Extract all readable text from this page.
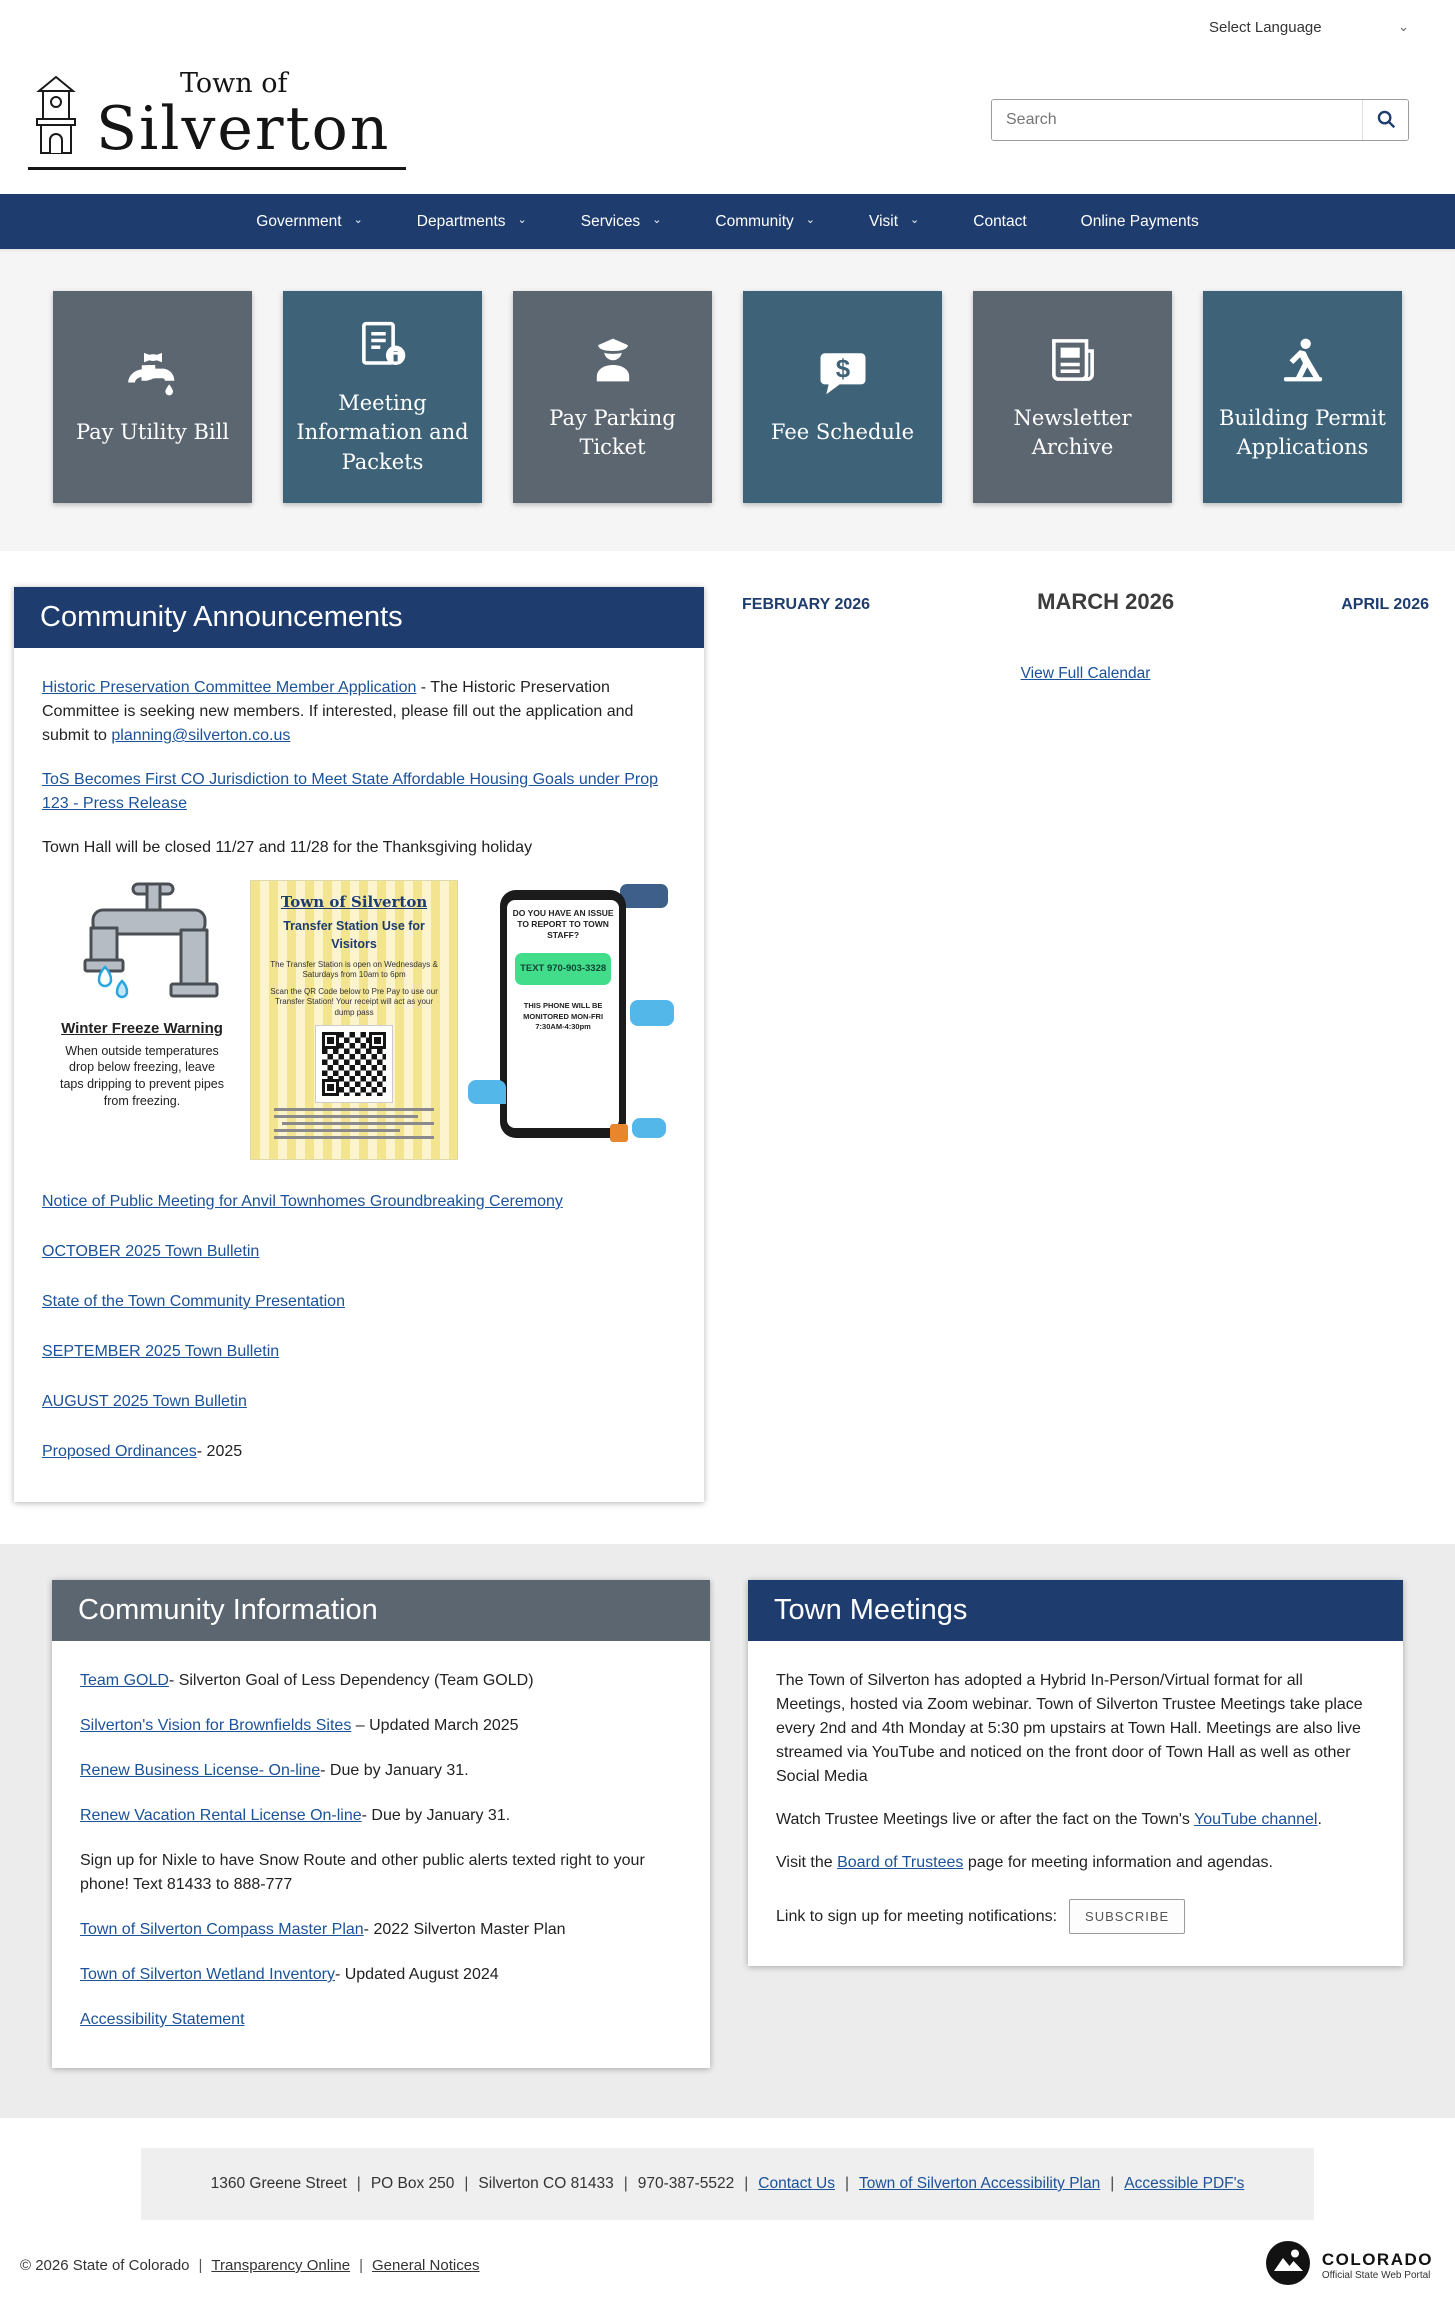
Select Language
⌄
Town of
Silverton
Search
Government ⌄	Departments ⌄	Services ⌄	Community ⌄	Visit ⌄	Contact	Online Payments
Pay Utility Bill
Meeting Information and Packets
Pay Parking Ticket
$
Fee Schedule
Newsletter Archive
Building Permit Applications
Community Announcements

Historic Preservation Committee Member Application - The Historic Preservation Committee is seeking new members. If interested, please fill out the application and submit to planning@silverton.co.us

ToS Becomes First CO Jurisdiction to Meet State Affordable Housing Goals under Prop 123 - Press Release

Town Hall will be closed 11/27 and 11/28 for the Thanksgiving holiday

Winter Freeze Warning
When outside temperatures drop below freezing, leave taps dripping to prevent pipes from freezing.
Town of Silverton
Transfer Station Use for Visitors
The Transfer Station is open on Wednesdays & Saturdays from 10am to 6pm
Scan the QR Code below to Pre Pay to use our Transfer Station! Your receipt will act as your dump pass
DO YOU HAVE AN ISSUE TO REPORT TO TOWN STAFF?
TEXT 970-903-3328
THIS PHONE WILL BE MONITORED MON-FRI 7:30AM-4:30pm

Notice of Public Meeting for Anvil Townhomes Groundbreaking Ceremony

OCTOBER 2025 Town Bulletin

State of the Town Community Presentation

SEPTEMBER 2025 Town Bulletin

AUGUST 2025 Town Bulletin

Proposed Ordinances- 2025

FEBRUARY 2026	MARCH 2026	APRIL 2026
View Full Calendar
Community Information

Team GOLD- Silverton Goal of Less Dependency (Team GOLD)

Silverton's Vision for Brownfields Sites – Updated March 2025

Renew Business License- On-line- Due by January 31.

Renew Vacation Rental License On-line- Due by January 31.

Sign up for Nixle to have Snow Route and other public alerts texted right to your phone! Text 81433 to 888-777

Town of Silverton Compass Master Plan- 2022 Silverton Master Plan

Town of Silverton Wetland Inventory- Updated August 2024

Accessibility Statement

Town Meetings

The Town of Silverton has adopted a Hybrid In-Person/Virtual format for all Meetings, hosted via Zoom webinar. Town of Silverton Trustee Meetings take place every 2nd and 4th Monday at 5:30 pm upstairs at Town Hall. Meetings are also live streamed via YouTube and noticed on the front door of Town Hall as well as other Social Media

Watch Trustee Meetings live or after the fact on the Town's YouTube channel.

Visit the Board of Trustees page for meeting information and agendas.

Link to sign up for meeting notifications:	SUBSCRIBE
1360 Greene Street | PO Box 250 | Silverton CO 81433 | 970-387-5522 | Contact Us | Town of Silverton Accessibility Plan| Accessible PDF's
© 2026 State of Colorado | Transparency Online | General Notices	COLORADO
Official State Web Portal
